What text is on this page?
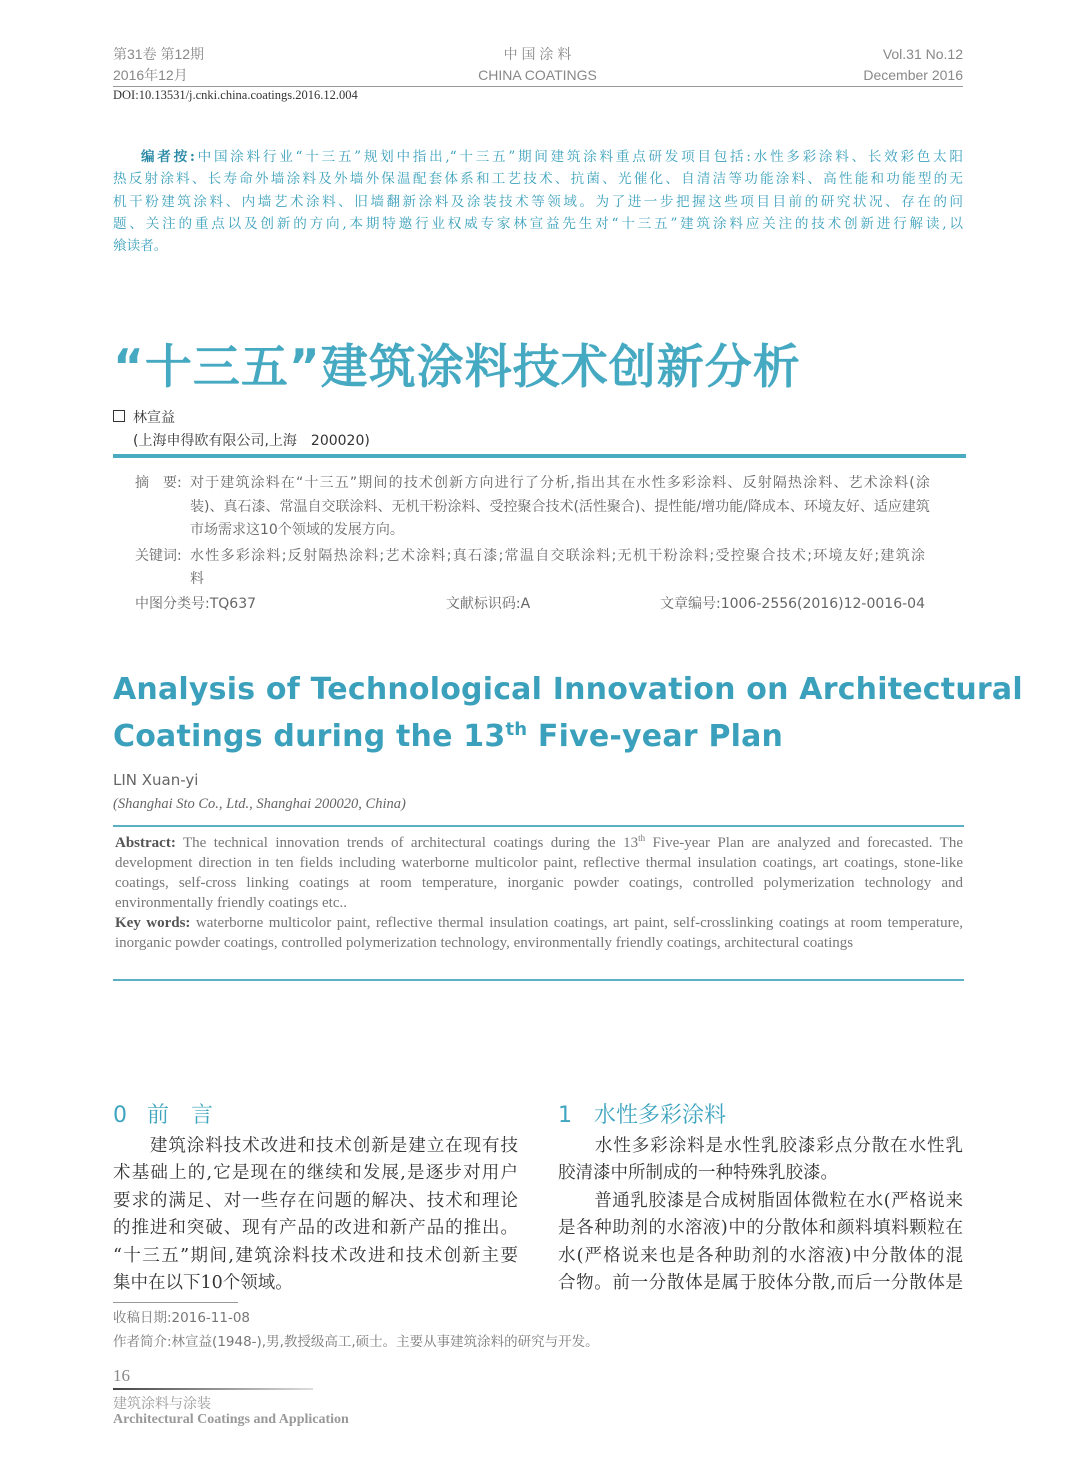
第31卷 第12期
2016年12月
中 国 涂 料
CHINA COATINGS
Vol.31 No.12
December 2016
DOI:10.13531/j.cnki.china.coatings.2016.12.004
编者按:中国涂料行业“十三五”规划中指出,“十三五”期间建筑涂料重点研发项目包括:水性多彩涂料、长效彩色太阳
热反射涂料、长寿命外墙涂料及外墙外保温配套体系和工艺技术、抗菌、光催化、自清洁等功能涂料、高性能和功能型的无
机干粉建筑涂料、内墙艺术涂料、旧墙翻新涂料及涂装技术等领域。为了进一步把握这些项目目前的研究状况、存在的问
题、关注的重点以及创新的方向,本期特邀行业权威专家林宣益先生对“十三五”建筑涂料应关注的技术创新进行解读,以
飨读者。
“十三五”建筑涂料技术创新分析
林宣益
(上海申得欧有限公司,上海　200020)
摘　要: 对于建筑涂料在“十三五”期间的技术创新方向进行了分析,指出其在水性多彩涂料、反射隔热涂料、艺术涂料(涂
装)、真石漆、常温自交联涂料、无机干粉涂料、受控聚合技术(活性聚合)、提性能/增功能/降成本、环境友好、适应建筑
市场需求这10个领域的发展方向。
关键词: 水性多彩涂料;反射隔热涂料;艺术涂料;真石漆;常温自交联涂料;无机干粉涂料;受控聚合技术;环境友好;建筑涂
料
中图分类号:TQ637	文献标识码:A	文章编号:1006-2556(2016)12-0016-04
Analysis of Technological Innovation on Architectural
Coatings during the 13th Five-year Plan
LIN Xuan-yi
(Shanghai Sto Co., Ltd., Shanghai 200020, China)
Abstract: The technical innovation trends of architectural coatings during the 13th Five-year Plan are analyzed and forecasted. The development direction in ten fields including waterborne multicolor paint, reflective thermal insulation coatings, art coatings, stone-like coatings, self-cross linking coatings at room temperature, inorganic powder coatings, controlled polymerization technology and environmentally friendly coatings etc..
Key words: waterborne multicolor paint, reflective thermal insulation coatings, art paint, self-crosslinking coatings at room temperature, inorganic powder coatings, controlled polymerization technology, environmentally friendly coatings, architectural coatings
0 前　言
　　建筑涂料技术改进和技术创新是建立在现有技
术基础上的,它是现在的继续和发展,是逐步对用户
要求的满足、对一些存在问题的解决、技术和理论
的推进和突破、现有产品的改进和新产品的推出。
“十三五”期间,建筑涂料技术改进和技术创新主要
集中在以下10个领域。
1 水性多彩涂料
　　水性多彩涂料是水性乳胶漆彩点分散在水性乳
胶清漆中所制成的一种特殊乳胶漆。
　　普通乳胶漆是合成树脂固体微粒在水(严格说来
是各种助剂的水溶液)中的分散体和颜料填料颗粒在
水(严格说来也是各种助剂的水溶液)中分散体的混
合物。前一分散体是属于胶体分散,而后一分散体是
收稿日期:2016-11-08
作者简介:林宣益(1948-),男,教授级高工,硕士。主要从事建筑涂料的研究与开发。
16
建筑涂料与涂装
Architectural Coatings and Application
